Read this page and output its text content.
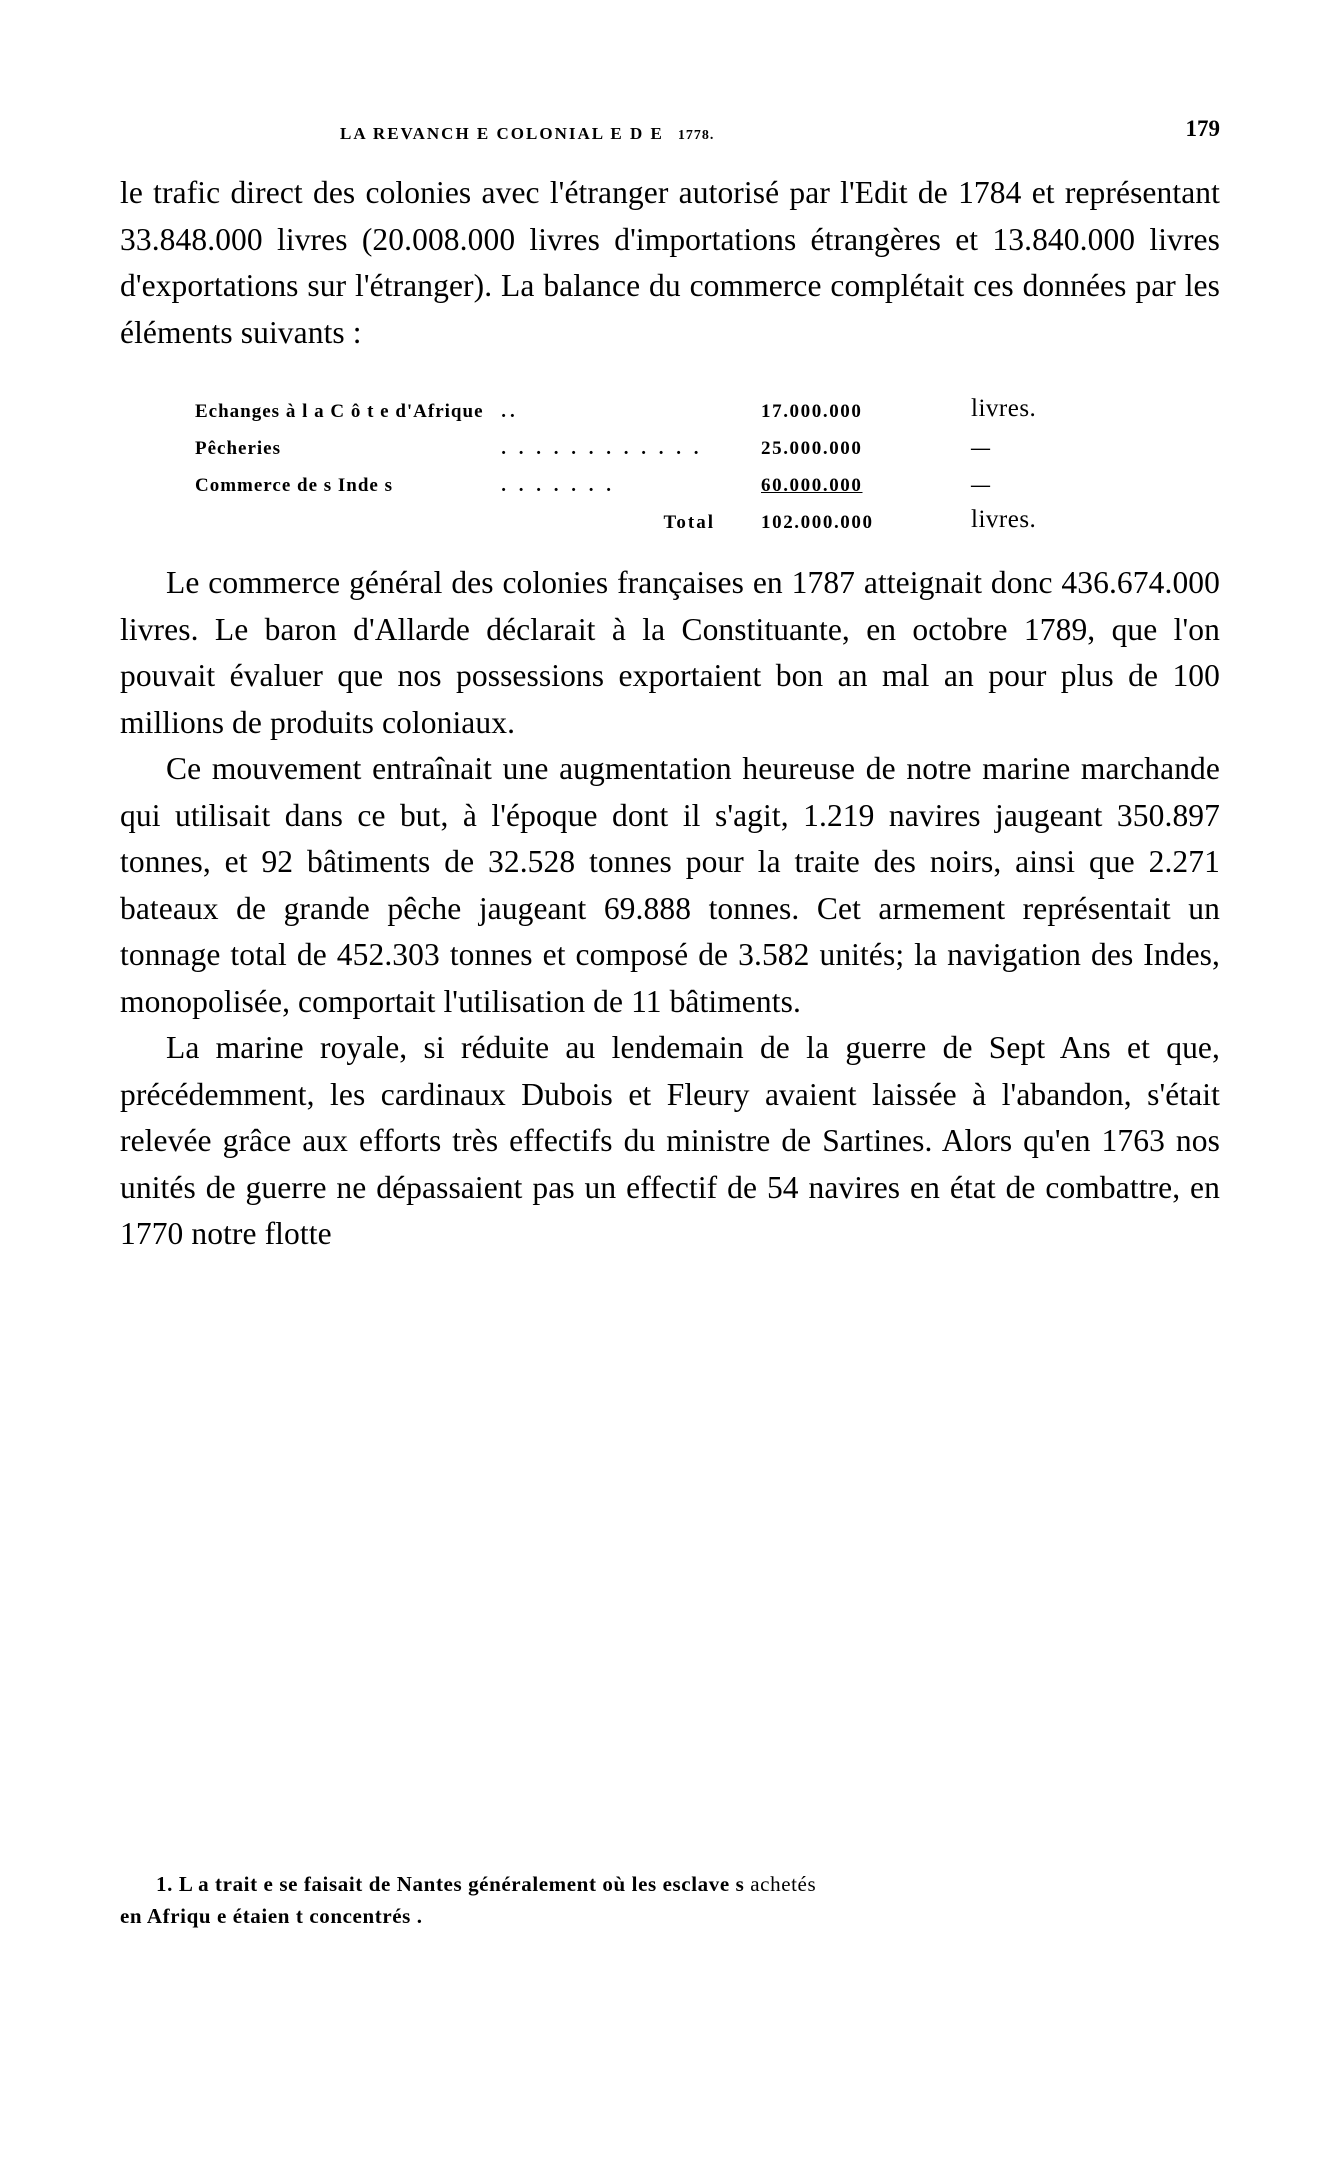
LA REVANCH E COLONIAL E D E 1778.	179

le trafic direct des colonies avec l'étranger autorisé par l'Edit de 1784 et représentant 33.848.000 livres (20.008.000 livres d'importations étrangères et 13.840.000 livres d'exportations sur l'étranger). La balance du commerce complétait ces données par les éléments suivants :

Echanges à l a C ô t e d'Afrique	..	17.000.000	livres.
Pêcheries	. . . . . . . . . . . .	25.000.000	—
Commerce de s Inde s	. . . . . . .	60.000.000	—
Total		102.000.000	livres.

Le commerce général des colonies françaises en 1787 atteignait donc 436.674.000 livres. Le baron d'Allarde déclarait à la Constituante, en octobre 1789, que l'on pouvait évaluer que nos possessions exportaient bon an mal an pour plus de 100 millions de produits coloniaux.

Ce mouvement entraînait une augmentation heureuse de notre marine marchande qui utilisait dans ce but, à l'époque dont il s'agit, 1.219 navires jaugeant 350.897 tonnes, et 92 bâtiments de 32.528 tonnes pour la traite des noirs, ainsi que 2.271 bateaux de grande pêche jaugeant 69.888 tonnes. Cet armement représentait un tonnage total de 452.303 tonnes et composé de 3.582 unités; la navigation des Indes, monopolisée, comportait l'utilisation de 11 bâtiments.

La marine royale, si réduite au lendemain de la guerre de Sept Ans et que, précédemment, les cardinaux Dubois et Fleury avaient laissée à l'abandon, s'était relevée grâce aux efforts très effectifs du ministre de Sartines. Alors qu'en 1763 nos unités de guerre ne dépassaient pas un effectif de 54 navires en état de combattre, en 1770 notre flotte

1. L a trait e se faisait de Nantes généralement où les esclave s achetés

en Afriqu e étaien t concentrés .
